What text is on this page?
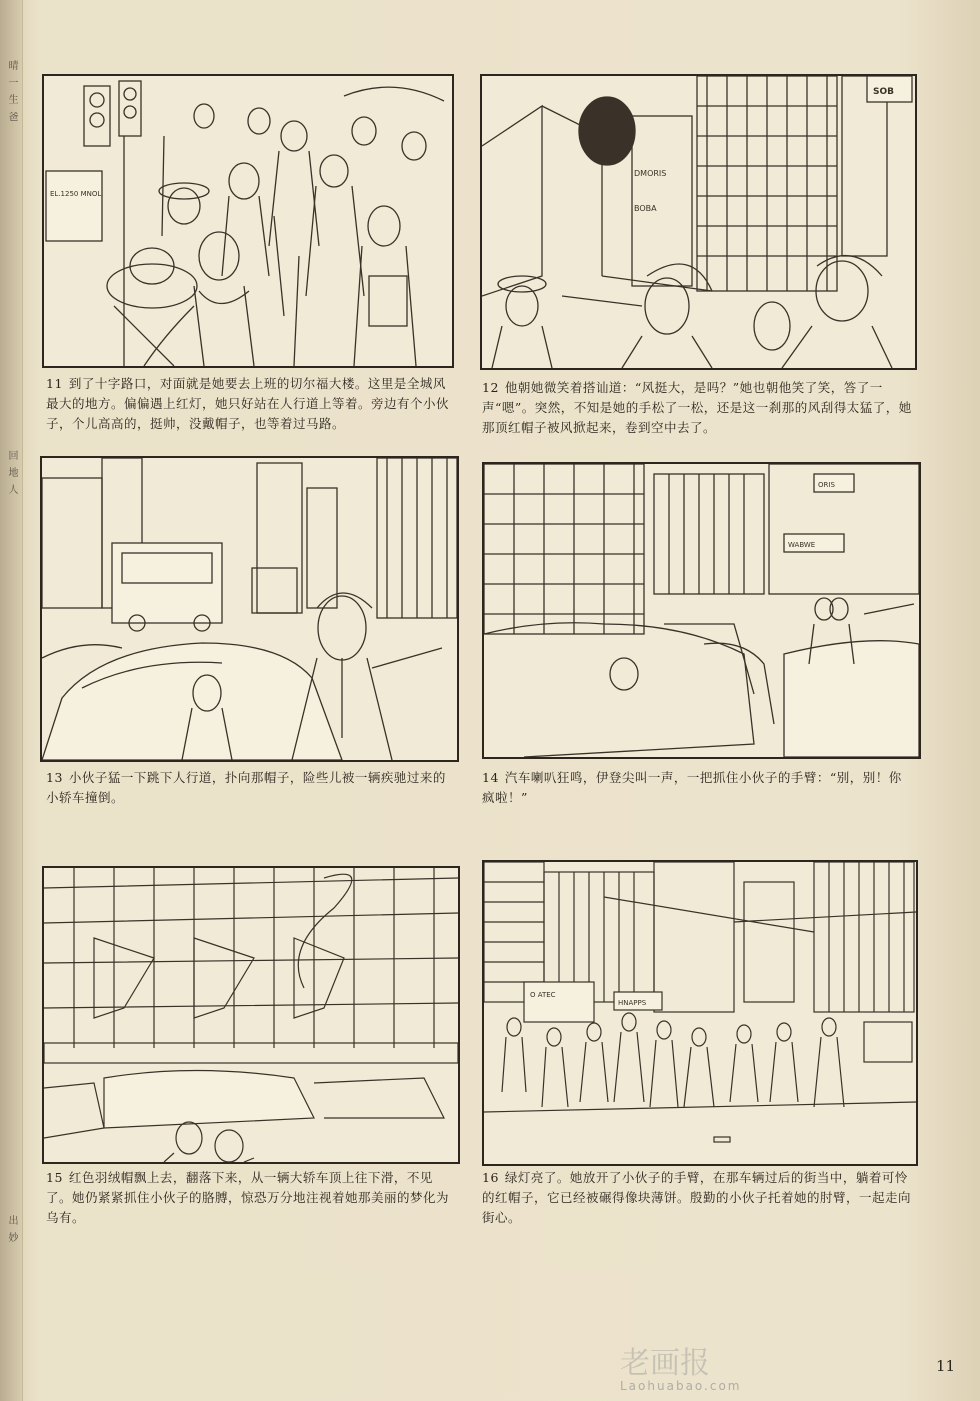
晴 一 生 爸
回 地 人
出 妙
EL.1250 MNOL
11 到了十字路口，对面就是她要去上班的切尔福大楼。这里是全城风最大的地方。偏偏遇上红灯，她只好站在人行道上等着。旁边有个小伙子，个儿高高的，挺帅，没戴帽子，也等着过马路。
DMORIS
BOBA
SOB
12 他朝她微笑着搭讪道：“风挺大，是吗？”她也朝他笑了笑，答了一声“嗯”。突然，不知是她的手松了一松，还是这一刹那的风刮得太猛了，她那顶红帽子被风掀起来，卷到空中去了。
13 小伙子猛一下跳下人行道，扑向那帽子，险些儿被一辆疾驰过来的小轿车撞倒。
WABWE
ORIS
14 汽车喇叭狂鸣，伊登尖叫一声，一把抓住小伙子的手臂：“别，别！你疯啦！”
15 红色羽绒帽飘上去，翻落下来，从一辆大轿车顶上往下滑，不见了。她仍紧紧抓住小伙子的胳膊，惊恐万分地注视着她那美丽的梦化为乌有。
HNAPPS
O ATEC
16 绿灯亮了。她放开了小伙子的手臂，在那车辆过后的街当中，躺着可怜的红帽子，它已经被碾得像块薄饼。殷勤的小伙子托着她的肘臂，一起走向街心。
11
老画报
Laohuabao.com
